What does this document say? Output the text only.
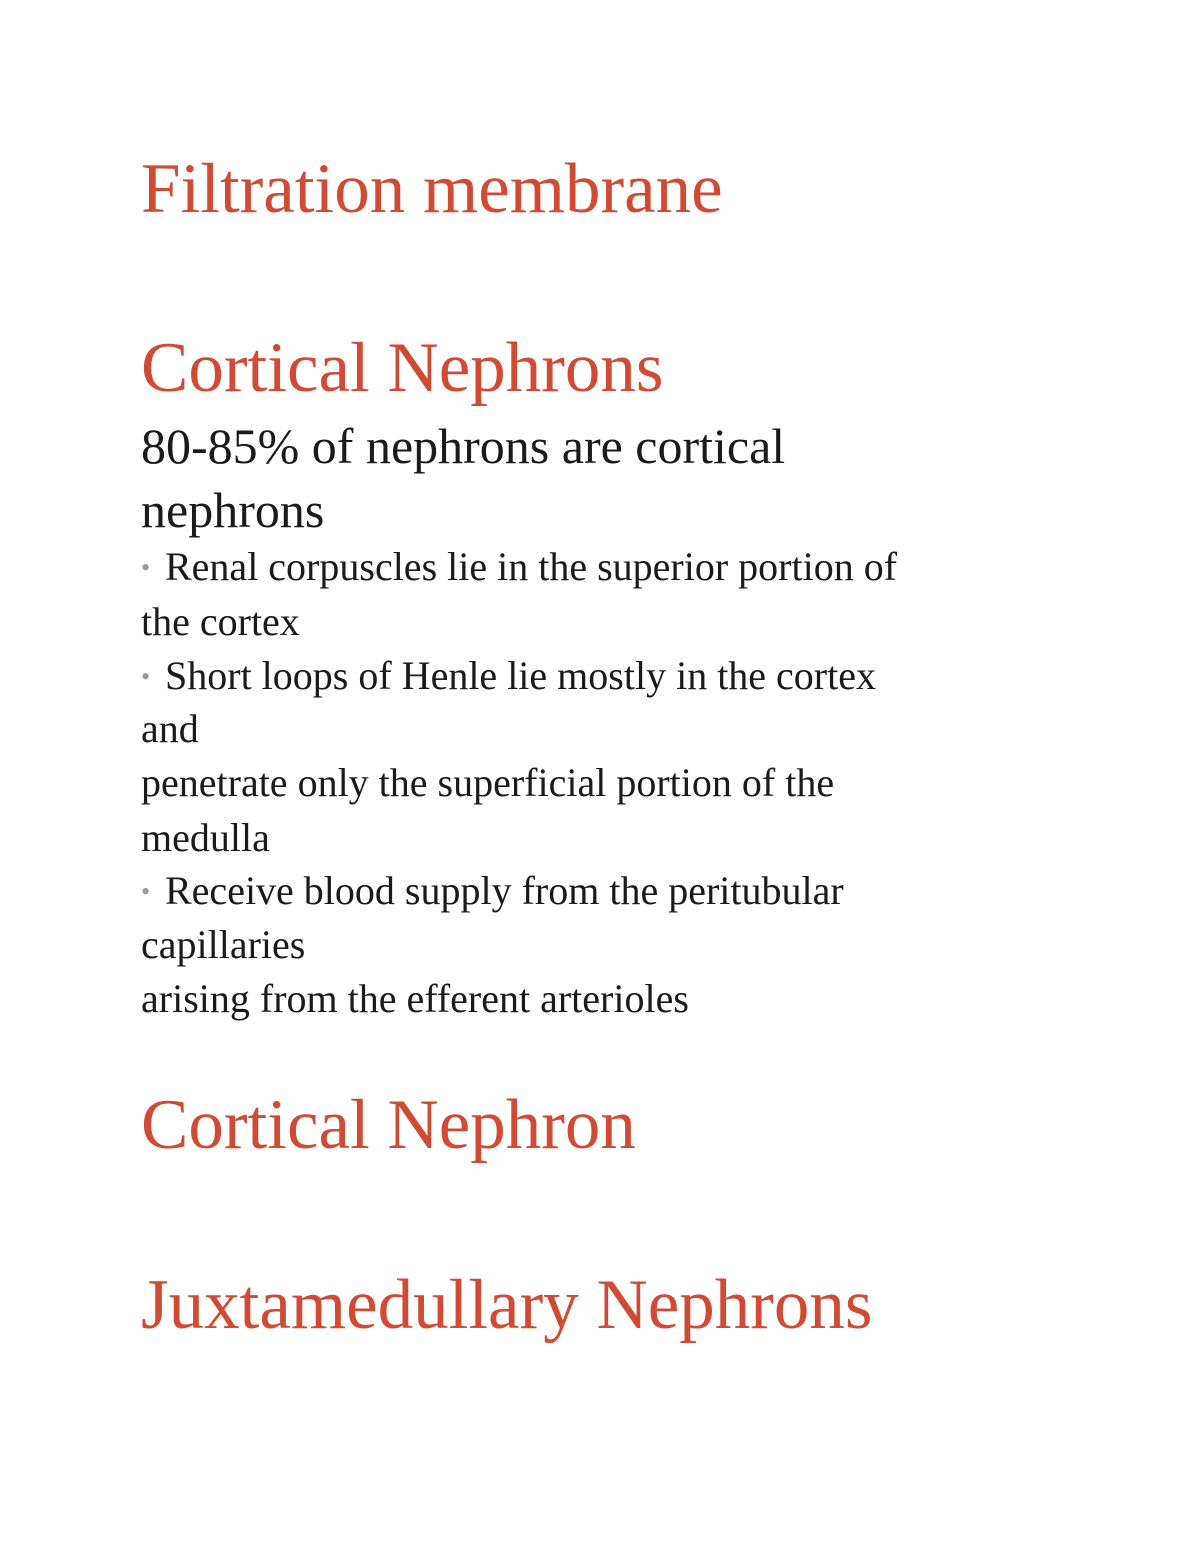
Filtration membrane
Cortical Nephrons

80-85% of nephrons are cortical

nephrons

• Renal corpuscles lie in the superior portion of

the cortex

• Short loops of Henle lie mostly in the cortex

and

penetrate only the superficial portion of the

medulla

• Receive blood supply from the peritubular

capillaries

arising from the efferent arterioles

Cortical Nephron
Juxtamedullary Nephrons
